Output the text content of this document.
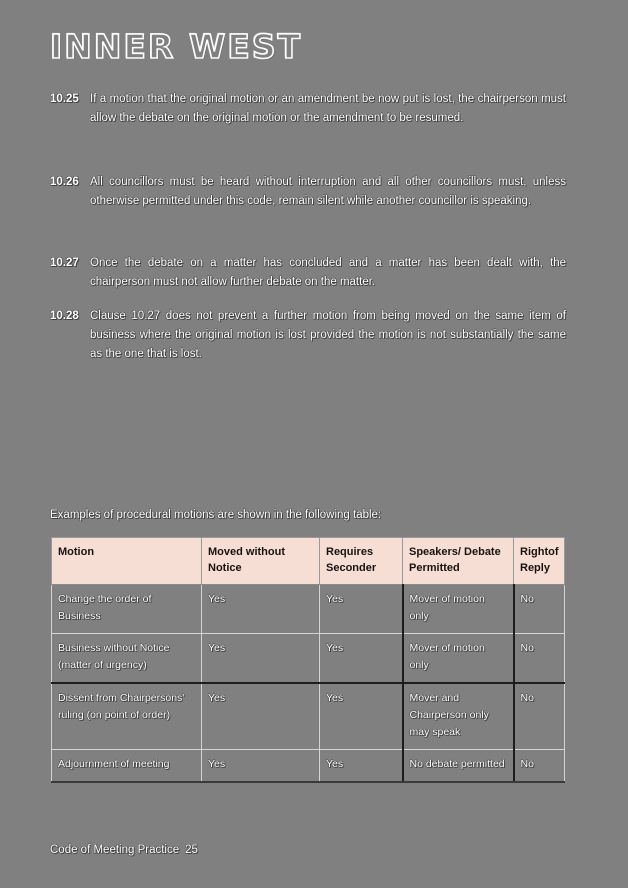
INNER WEST
10.25 If a motion that the original motion or an amendment be now put is lost, the chairperson must allow the debate on the original motion or the amendment to be resumed.
10.26 All councillors must be heard without interruption and all other councillors must, unless otherwise permitted under this code, remain silent while another councillor is speaking.
10.27 Once the debate on a matter has concluded and a matter has been dealt with, the chairperson must not allow further debate on the matter.
10.28 Clause 10.27 does not prevent a further motion from being moved on the same item of business where the original motion is lost provided the motion is not substantially the same as the one that is lost.
Examples of procedural motions are shown in the following table:
Motion	Moved without Notice	Requires Seconder	Speakers/ Debate Permitted	Rightof Reply
Change the order of Business	Yes	Yes	Mover of motion only	No
Business without Notice (matter of urgency)	Yes	Yes	Mover of motion only	No
Dissent from Chairpersons' ruling (on point of order)	Yes	Yes	Mover and Chairperson only may speak	No
Adjournment of meeting	Yes	Yes	No debate permitted	No
Code of Meeting Practice 25
